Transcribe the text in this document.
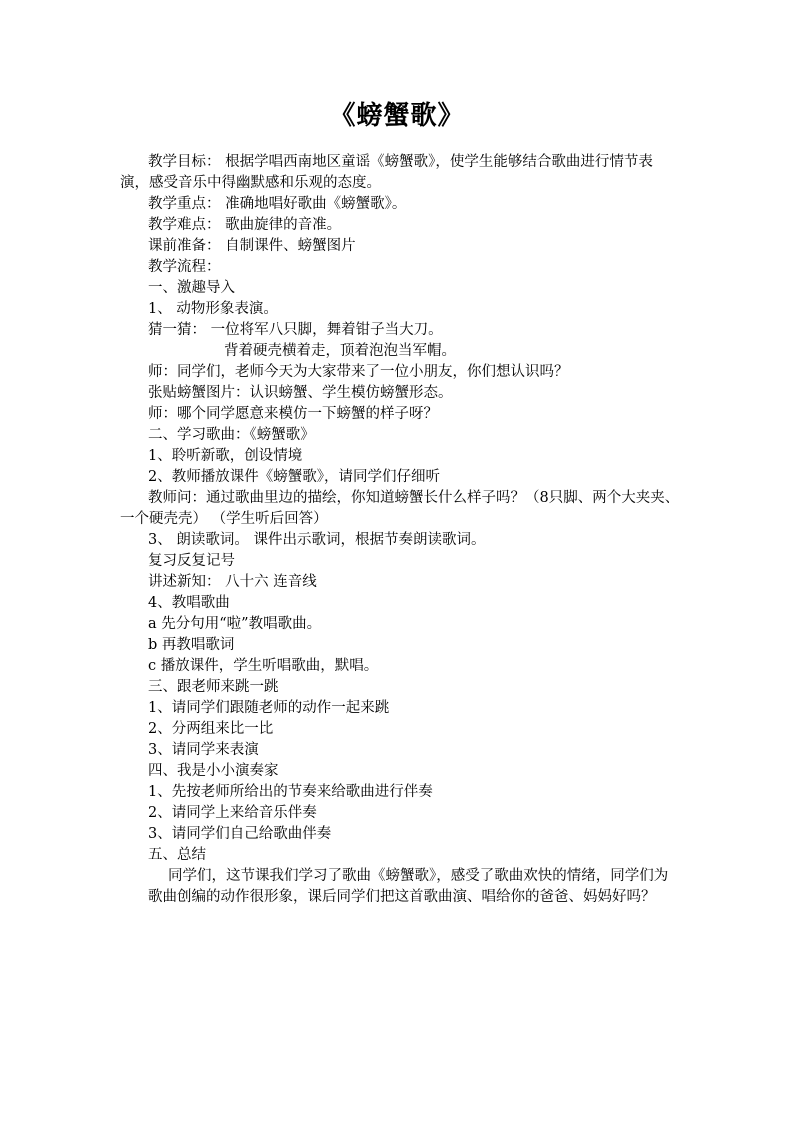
《螃蟹歌》

教学目标： 根据学唱西南地区童谣《螃蟹歌》，使学生能够结合歌曲进行情节表演，感受音乐中得幽默感和乐观的态度。

教学重点： 准确地唱好歌曲《螃蟹歌》。

教学难点： 歌曲旋律的音准。

课前准备： 自制课件、螃蟹图片

教学流程：

一、激趣导入

1、 动物形象表演。

猜一猜： 一位将军八只脚，舞着钳子当大刀。

背着硬壳横着走，顶着泡泡当军帽。

师：同学们，老师今天为大家带来了一位小朋友，你们想认识吗？

张贴螃蟹图片：认识螃蟹、学生模仿螃蟹形态。

师：哪个同学愿意来模仿一下螃蟹的样子呀？

二、学习歌曲：《螃蟹歌》

1、聆听新歌，创设情境

2、教师播放课件《螃蟹歌》，请同学们仔细听

教师问：通过歌曲里边的描绘，你知道螃蟹长什么样子吗？（8只脚、两个大夹夹、一个硬壳壳） （学生听后回答）

3、 朗读歌词。 课件出示歌词，根据节奏朗读歌词。

复习反复记号

讲述新知： 八十六 连音线

4、教唱歌曲

a 先分句用“啦”教唱歌曲。

b 再教唱歌词

c 播放课件，学生听唱歌曲，默唱。

三、跟老师来跳一跳

1、请同学们跟随老师的动作一起来跳

2、分两组来比一比

3、请同学来表演

四、我是小小演奏家

1、先按老师所给出的节奏来给歌曲进行伴奏

2、请同学上来给音乐伴奏

3、请同学们自己给歌曲伴奏

五、总结

同学们，这节课我们学习了歌曲《螃蟹歌》，感受了歌曲欢快的情绪，同学们为歌曲创编的动作很形象，课后同学们把这首歌曲演、唱给你的爸爸、妈妈好吗？
